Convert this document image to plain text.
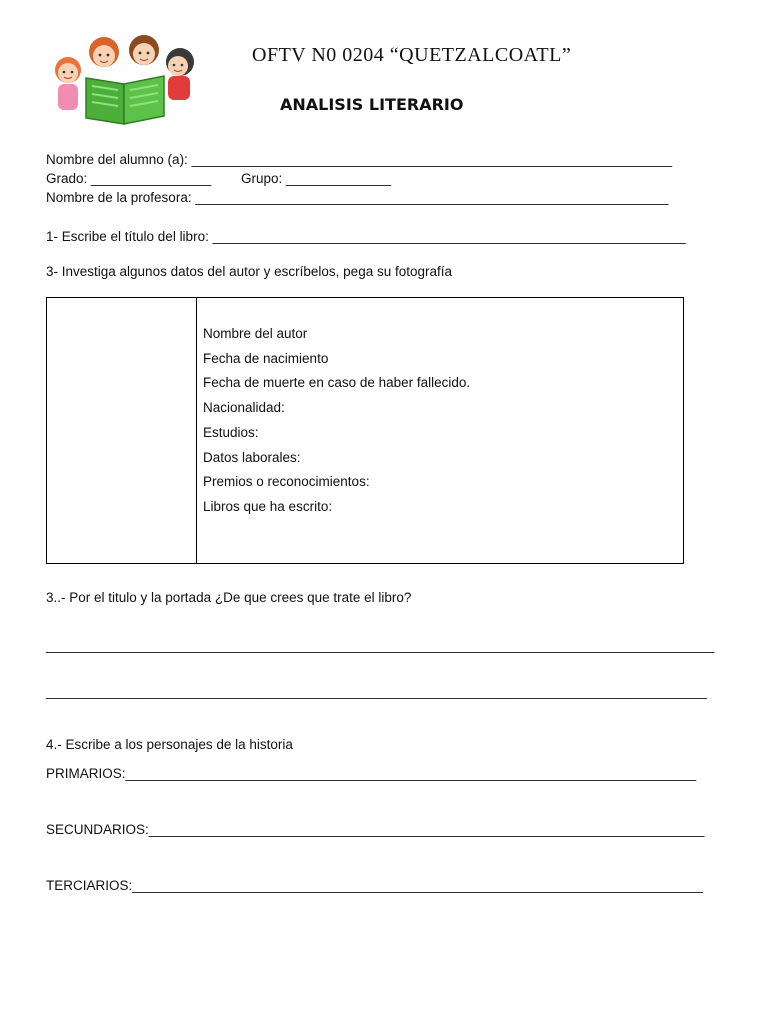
OFTV N0 0204 “QUETZALCOATL”
ANALISIS LITERARIO
Nombre del alumno (a): ________________________________________________________________
Grado: ________________ Grupo: ______________
Nombre de la profesora: _______________________________________________________________
1- Escribe el título del libro: _______________________________________________________________
3- Investiga algunos datos del autor y escríbelos, pega su fotografía
Nombre del autor
Fecha de nacimiento
Fecha de muerte en caso de haber fallecido.
Nacionalidad:
Estudios:
Datos laborales:
Premios o reconocimientos:
Libros que ha escrito:
3..- Por el titulo y la portada ¿De que crees que trate el libro?
_________________________________________________________________________________________
________________________________________________________________________________________
4.- Escribe a los personajes de la historia
PRIMARIOS:____________________________________________________________________________
SECUNDARIOS:__________________________________________________________________________
TERCIARIOS:____________________________________________________________________________
